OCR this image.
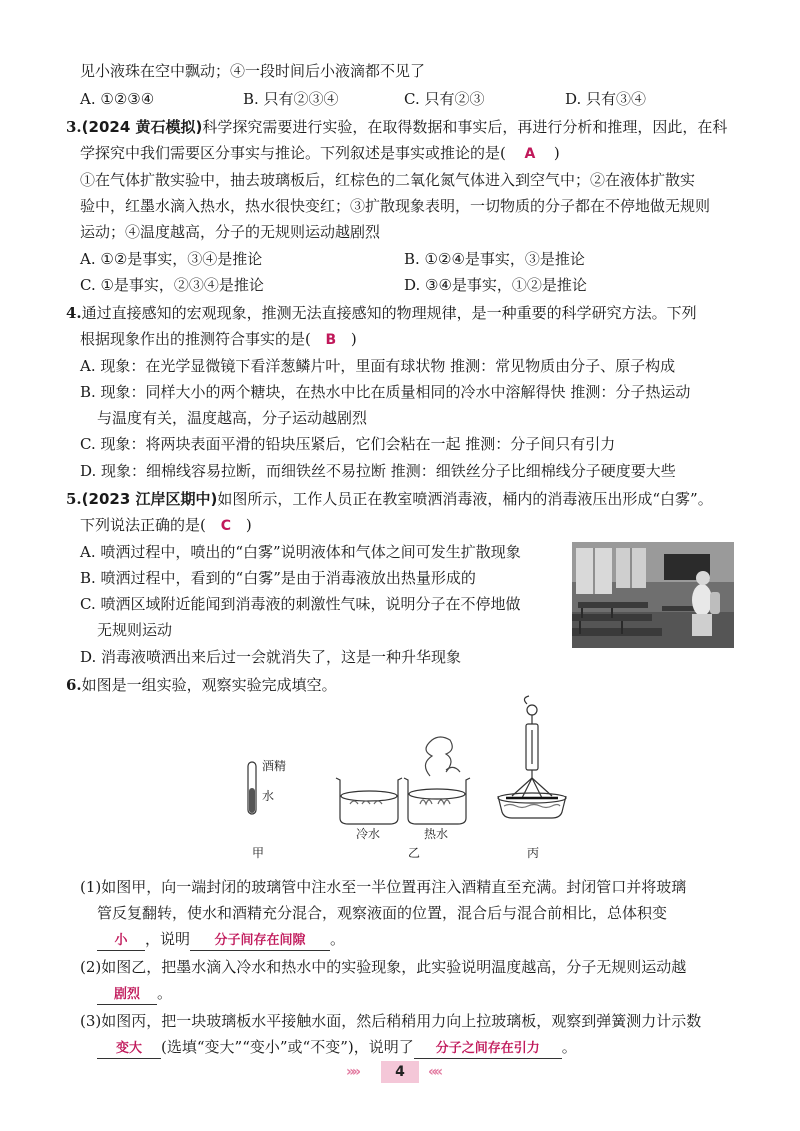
见小液珠在空中飘动；④一段时间后小液滴都不见了
A. ①②③④	B. 只有②③④	C. 只有②③	D. 只有③④
3.(2024 黄石模拟)科学探究需要进行实验，在取得数据和事实后，再进行分析和推理，因此，在科
学探究中我们需要区分事实与推论。下列叙述是事实或推论的是( A )
①在气体扩散实验中，抽去玻璃板后，红棕色的二氧化氮气体进入到空气中；②在液体扩散实
验中，红墨水滴入热水，热水很快变红；③扩散现象表明，一切物质的分子都在不停地做无规则
运动；④温度越高，分子的无规则运动越剧烈
A. ①②是事实，③④是推论	B. ①②④是事实，③是推论
C. ①是事实，②③④是推论	D. ③④是事实，①②是推论
4.通过直接感知的宏观现象，推测无法直接感知的物理规律，是一种重要的科学研究方法。下列
根据现象作出的推测符合事实的是( B )
A. 现象：在光学显微镜下看洋葱鳞片叶，里面有球状物 推测：常见物质由分子、原子构成
B. 现象：同样大小的两个糖块，在热水中比在质量相同的冷水中溶解得快 推测：分子热运动
与温度有关，温度越高，分子运动越剧烈
C. 现象：将两块表面平滑的铅块压紧后，它们会粘在一起 推测：分子间只有引力
D. 现象：细棉线容易拉断，而细铁丝不易拉断 推测：细铁丝分子比细棉线分子硬度要大些
5.(2023 江岸区期中)如图所示，工作人员正在教室喷洒消毒液，桶内的消毒液压出形成“白雾”。
下列说法正确的是( C )
A. 喷洒过程中，喷出的“白雾”说明液体和气体之间可发生扩散现象
B. 喷洒过程中，看到的“白雾”是由于消毒液放出热量形成的
C. 喷洒区域附近能闻到消毒液的刺激性气味，说明分子在不停地做
无规则运动
D. 消毒液喷洒出来后过一会就消失了，这是一种升华现象
6.如图是一组实验，观察实验完成填空。
酒精
水
冷水	热水
甲	乙	丙
(1)如图甲，向一端封闭的玻璃管中注水至一半位置再注入酒精直至充满。封闭管口并将玻璃
管反复翻转，使水和酒精充分混合，观察液面的位置，混合后与混合前相比，总体积变
小 ，说明 分子间存在间隙 。
(2)如图乙，把墨水滴入冷水和热水中的实验现象，此实验说明温度越高，分子无规则运动越
剧烈 。
(3)如图丙，把一块玻璃板水平接触水面，然后稍稍用力向上拉玻璃板，观察到弹簧测力计示数
变大 (选填“变大”“变小”或“不变”)，说明了 分子之间存在引力 。
»»	4	««
